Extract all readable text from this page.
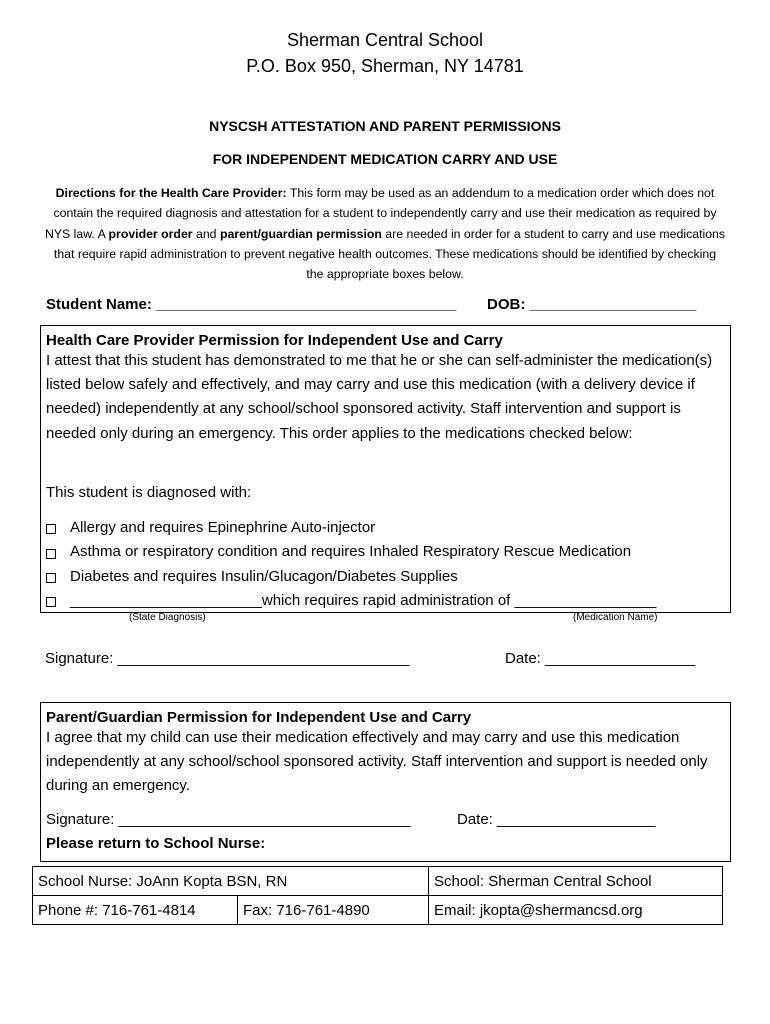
Sherman Central School
P.O. Box 950, Sherman, NY 14781
NYSCSH ATTESTATION AND PARENT PERMISSIONS
FOR INDEPENDENT MEDICATION CARRY AND USE
Directions for the Health Care Provider: This form may be used as an addendum to a medication order which does not contain the required diagnosis and attestation for a student to independently carry and use their medication as required by NYS law. A provider order and parent/guardian permission are needed in order for a student to carry and use medications that require rapid administration to prevent negative health outcomes. These medications should be identified by checking the appropriate boxes below.
Student Name: ____________________________________ DOB: ____________________
Health Care Provider Permission for Independent Use and Carry
I attest that this student has demonstrated to me that he or she can self-administer the medication(s) listed below safely and effectively, and may carry and use this medication (with a delivery device if needed) independently at any school/school sponsored activity. Staff intervention and support is needed only during an emergency. This order applies to the medications checked below:
This student is diagnosed with:
Allergy and requires Epinephrine Auto-injector
Asthma or respiratory condition and requires Inhaled Respiratory Rescue Medication
Diabetes and requires Insulin/Glucagon/Diabetes Supplies
_______________________which requires rapid administration of _________________
(State Diagnosis)	(Medication Name)
Signature: ___________________________________	Date: __________________
Parent/Guardian Permission for Independent Use and Carry
I agree that my child can use their medication effectively and may carry and use this medication independently at any school/school sponsored activity. Staff intervention and support is needed only during an emergency.
Signature: ___________________________________	Date: ___________________
Please return to School Nurse:
School Nurse: JoAnn Kopta BSN, RN		School: Sherman Central School
Phone #: 716-761-4814	Fax: 716-761-4890	Email: jkopta@shermancsd.org
